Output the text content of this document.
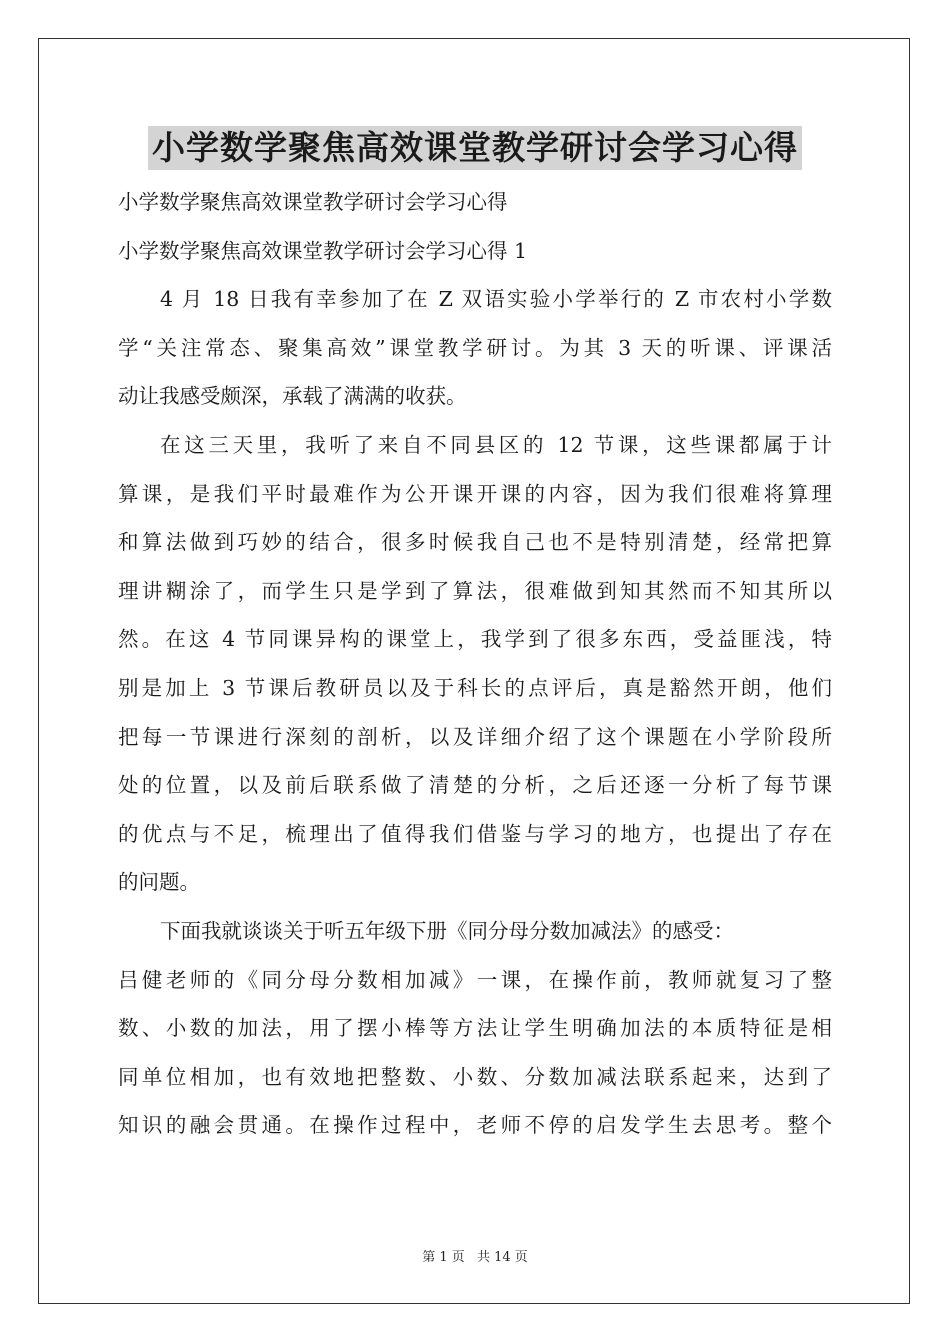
小学数学聚焦高效课堂教学研讨会学习心得

小学数学聚焦高效课堂教学研讨会学习心得

小学数学聚焦高效课堂教学研讨会学习心得 1

4 月 18 日我有幸参加了在 Z 双语实验小学举行的 Z 市农村小学数

学“关注常态、聚集高效”课堂教学研讨。为其 3 天的听课、评课活

动让我感受颇深，承载了满满的收获。

在这三天里，我听了来自不同县区的 12 节课，这些课都属于计

算课，是我们平时最难作为公开课开课的内容，因为我们很难将算理

和算法做到巧妙的结合，很多时候我自己也不是特别清楚，经常把算

理讲糊涂了，而学生只是学到了算法，很难做到知其然而不知其所以

然。在这 4 节同课异构的课堂上，我学到了很多东西，受益匪浅，特

别是加上 3 节课后教研员以及于科长的点评后，真是豁然开朗，他们

把每一节课进行深刻的剖析，以及详细介绍了这个课题在小学阶段所

处的位置，以及前后联系做了清楚的分析，之后还逐一分析了每节课

的优点与不足，梳理出了值得我们借鉴与学习的地方，也提出了存在

的问题。

下面我就谈谈关于听五年级下册《同分母分数加减法》的感受：

吕健老师的《同分母分数相加减》一课，在操作前，教师就复习了整

数、小数的加法，用了摆小棒等方法让学生明确加法的本质特征是相

同单位相加，也有效地把整数、小数、分数加减法联系起来，达到了

知识的融会贯通。在操作过程中，老师不停的启发学生去思考。整个

第 1 页 共 14 页
